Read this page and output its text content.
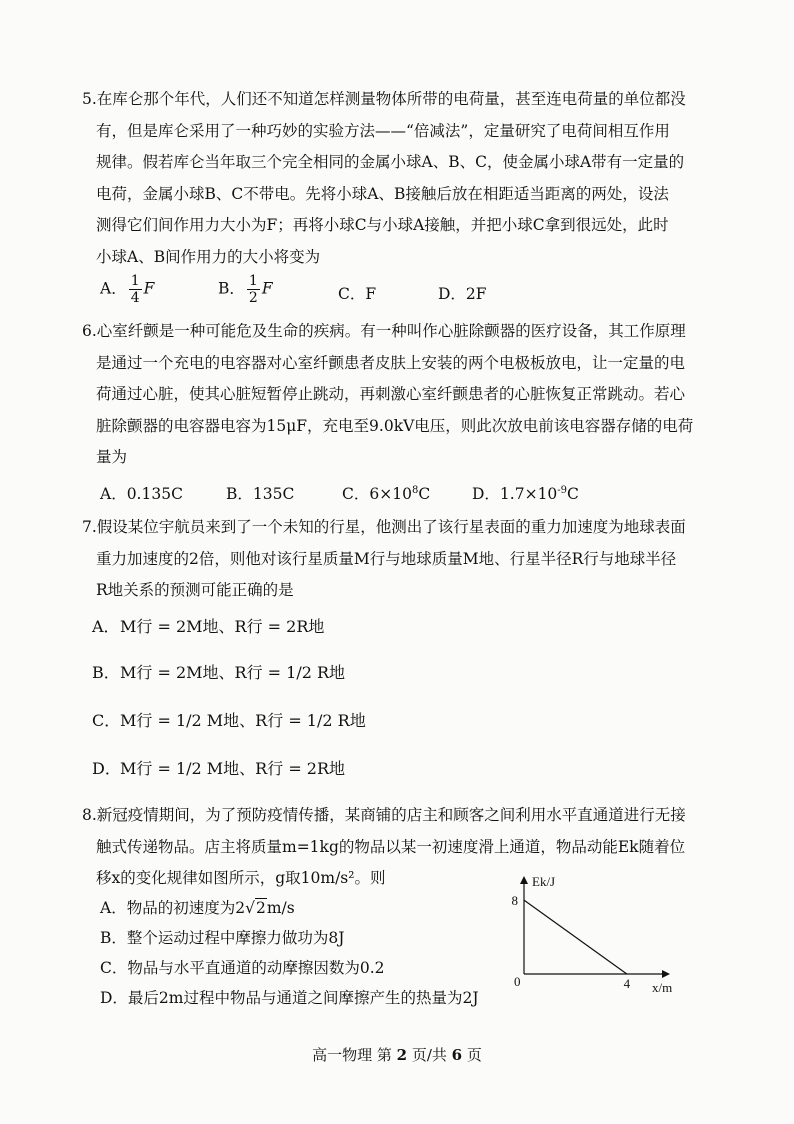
5.在库仑那个年代，人们还不知道怎样测量物体所带的电荷量，甚至连电荷量的单位都没
有，但是库仑采用了一种巧妙的实验方法——“倍减法”，定量研究了电荷间相互作用
规律。假若库仑当年取三个完全相同的金属小球A、B、C，使金属小球A带有一定量的
电荷，金属小球B、C不带电。先将小球A、B接触后放在相距适当距离的两处，设法
测得它们间作用力大小为F；再将小球C与小球A接触，并把小球C拿到很远处，此时
小球A、B间作用力的大小将变为
A． $\frac{1}{4}$ F	B． $\frac{1}{2}$ F	C．F	D．2F
6.心室纤颤是一种可能危及生命的疾病。有一种叫作心脏除颤器的医疗设备，其工作原理
是通过一个充电的电容器对心室纤颤患者皮肤上安装的两个电极板放电，让一定量的电
荷通过心脏，使其心脏短暂停止跳动，再刺激心室纤颤患者的心脏恢复正常跳动。若心
脏除颤器的电容器电容为15μF，充电至9.0kV电压，则此次放电前该电容器存储的电荷
量为
A．0.135C	B．135C	C．$6\times 10^8C$	D．$1.7\times 10^{-9}C$
7.假设某位宇航员来到了一个未知的行星，他测出了该行星表面的重力加速度为地球表面
重力加速度的2倍，则他对该行星质量M行与地球质量M地、行星半径R行与地球半径
R地关系的预测可能正确的是
A．M行 = 2M地、R行 = 2R地
B．M行 = 2M地、R行 = 1/2 R地
C．M行 = 1/2 M地、R行 = 1/2 R地
D．M行 = 1/2 M地、R行 = 2R地
8.新冠疫情期间，为了预防疫情传播，某商铺的店主和顾客之间利用水平直通道进行无接
触式传递物品。店主将质量m=1kg的物品以某一初速度滑上通道，物品动能Ek随着位
移x的变化规律如图所示，g取10m/s²。则
A．物品的初速度为2√2m/s
B．整个运动过程中摩擦力做功为8J
C．物品与水平直通道的动摩擦因数为0.2
D．最后2m过程中物品与通道之间摩擦产生的热量为2J
Ek/J
x/m
0	4
8
高一物理 第 2 页/共 6 页
